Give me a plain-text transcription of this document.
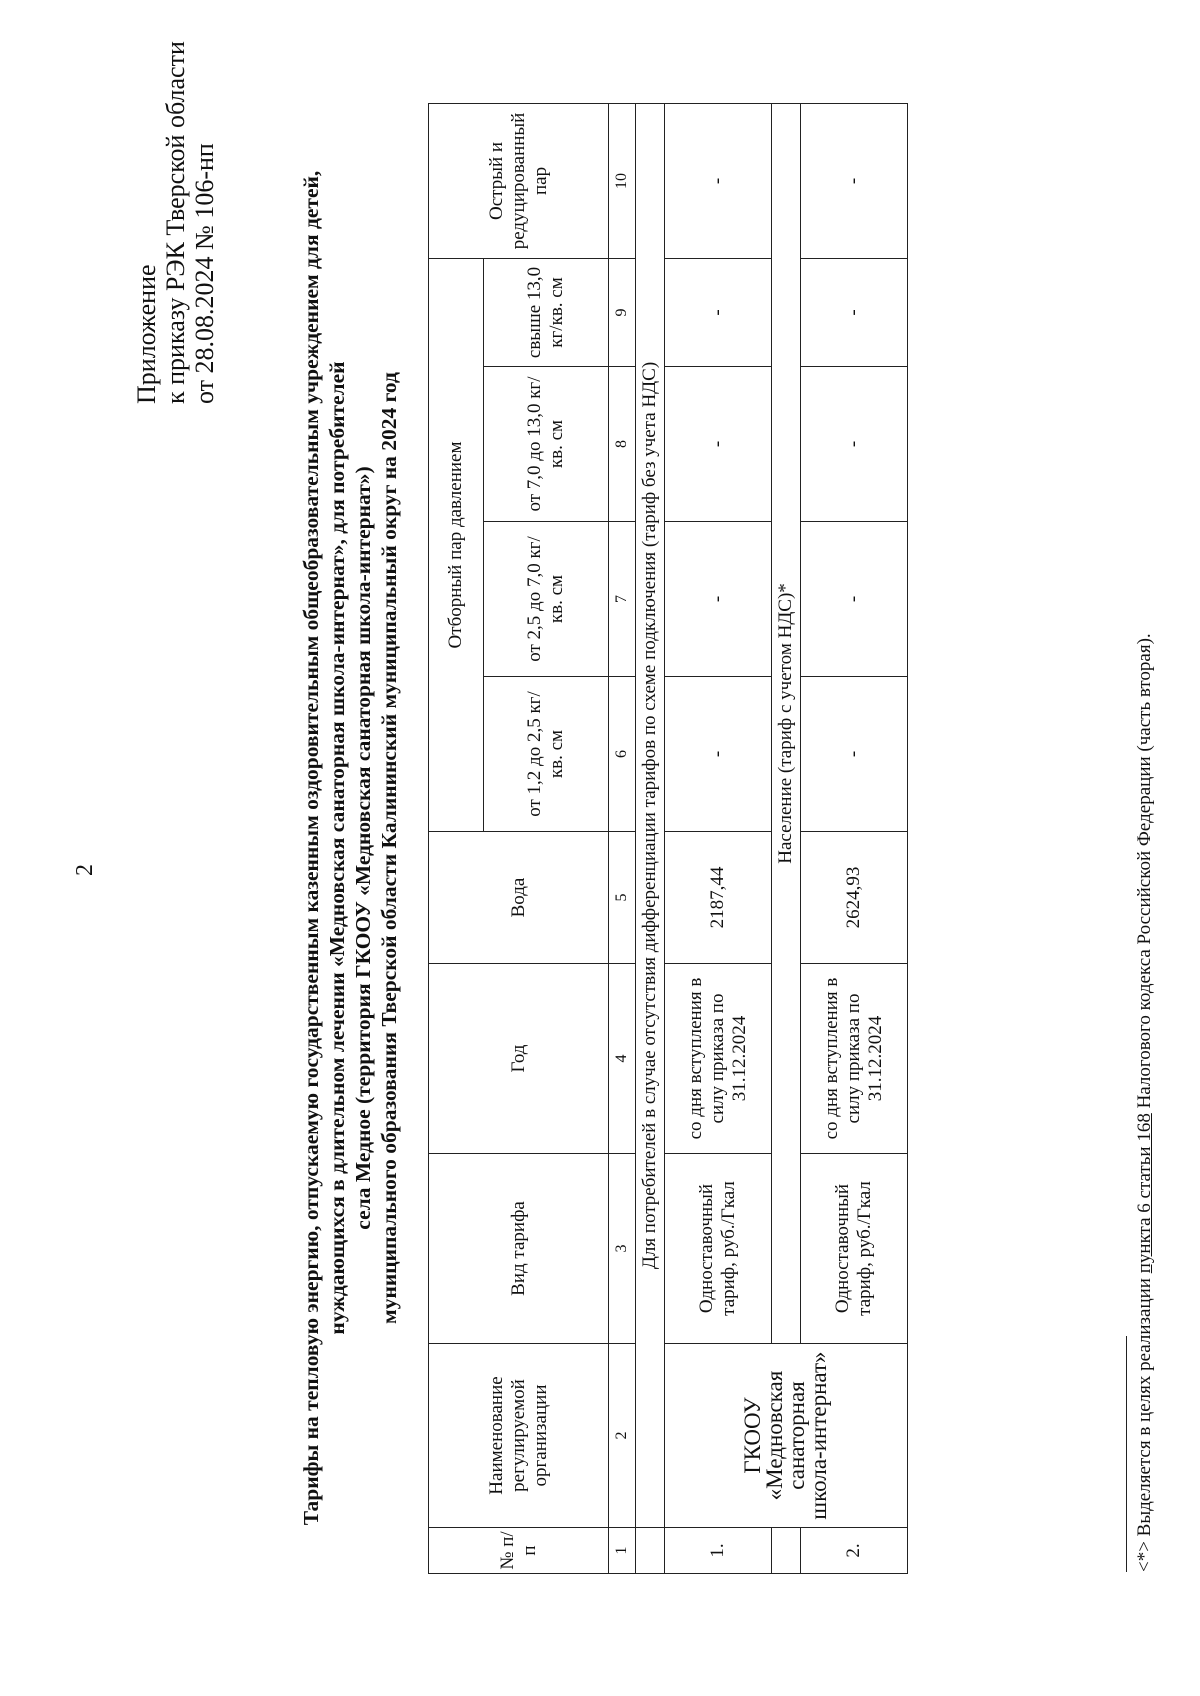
2
Приложение к приказу РЭК Тверской области от 28.08.2024 № 106-нп	Тарифы на тепловую энергию, отпускаемую государственным казенным оздоровительным общеобразовательным учреждением для детей, нуждающихся в длительном лечении «Медновская санаторная школа-интернат», для потребителей села Медное (территория ГКООУ «Медновская санаторная школа-интернат») муниципального образования Тверской области Калининский муниципальный округ на 2024 год
№ п/п	Наименование регулируемой организации	Вид тарифа	Год	Вода	Отборный пар давлением				Острый и редуцированный пар
					от 1,2 до 2,5 кг/кв. см	от 2,5 до 7,0 кг/кв. см	от 7,0 до 13,0 кг/кв. см	свыше 13,0 кг/кв. см	
1	2	3	4	5	6	7	8	9	10
	Для потребителей в случае отсутствия дифференциации тарифов по схеме подключения (тариф без учета НДС)								
1.	ГКООУ «Медновская санаторная школа-интернат»	Одноставочный тариф, руб./Гкал	со дня вступления в силу приказа по 31.12.2024	2187,44	-	-	-	-	-
		Население (тариф с учетом НДС)*							
2.		Одноставочный тариф, руб./Гкал	со дня вступления в силу приказа по 31.12.2024	2624,93	-	-	-	-	-
<*> Выделяется в целях реализации пункта 6 статьи 168 Налогового кодекса Российской Федерации (часть вторая).
